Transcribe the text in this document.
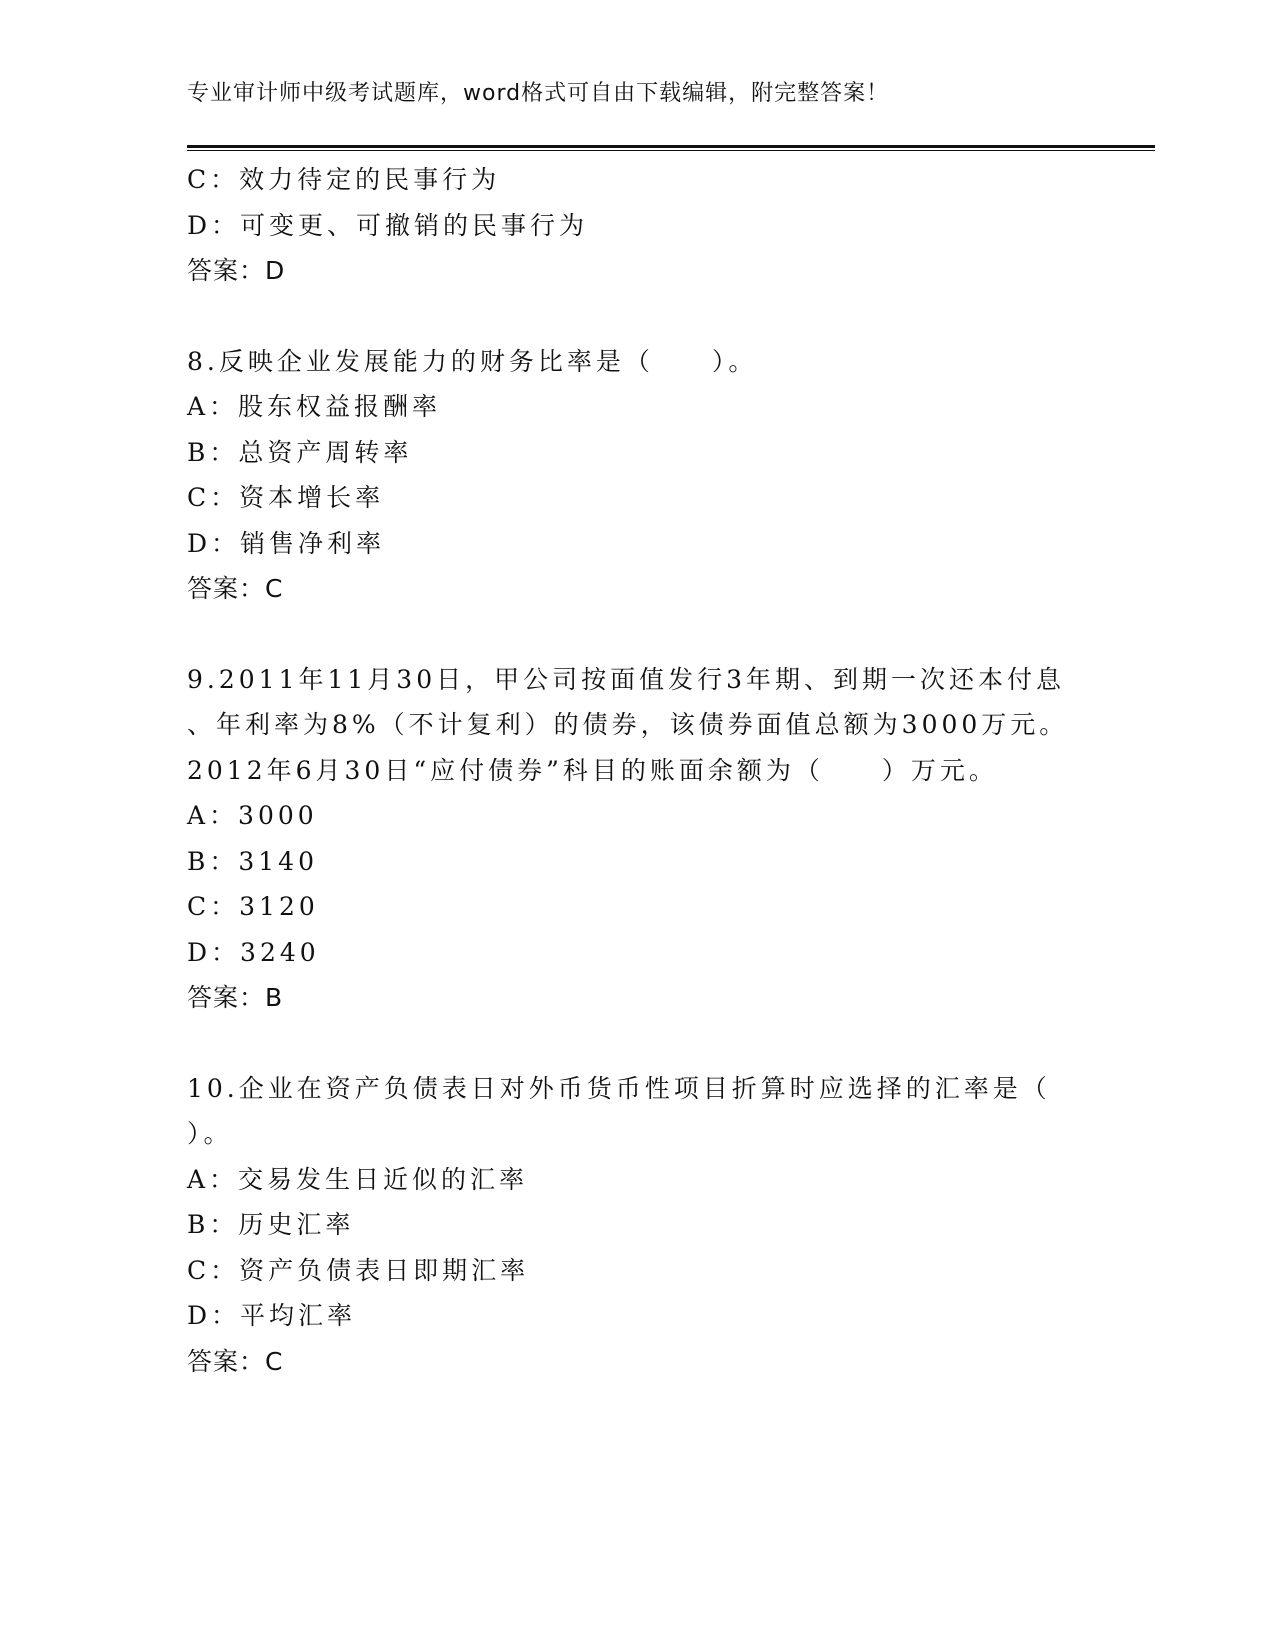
专业审计师中级考试题库，word格式可自由下载编辑，附完整答案！
C：效力待定的民事行为
D：可变更、可撤销的民事行为
答案：D
8.反映企业发展能力的财务比率是（　　）。
A：股东权益报酬率
B：总资产周转率
C：资本增长率
D：销售净利率
答案：C
9.2011年11月30日，甲公司按面值发行3年期、到期一次还本付息
、年利率为8%（不计复利）的债券，该债券面值总额为3000万元。
2012年6月30日“应付债券”科目的账面余额为（　　）万元。
A：3000
B：3140
C：3120
D：3240
答案：B
10.企业在资产负债表日对外币货币性项目折算时应选择的汇率是（
）。
A：交易发生日近似的汇率
B：历史汇率
C：资产负债表日即期汇率
D：平均汇率
答案：C
